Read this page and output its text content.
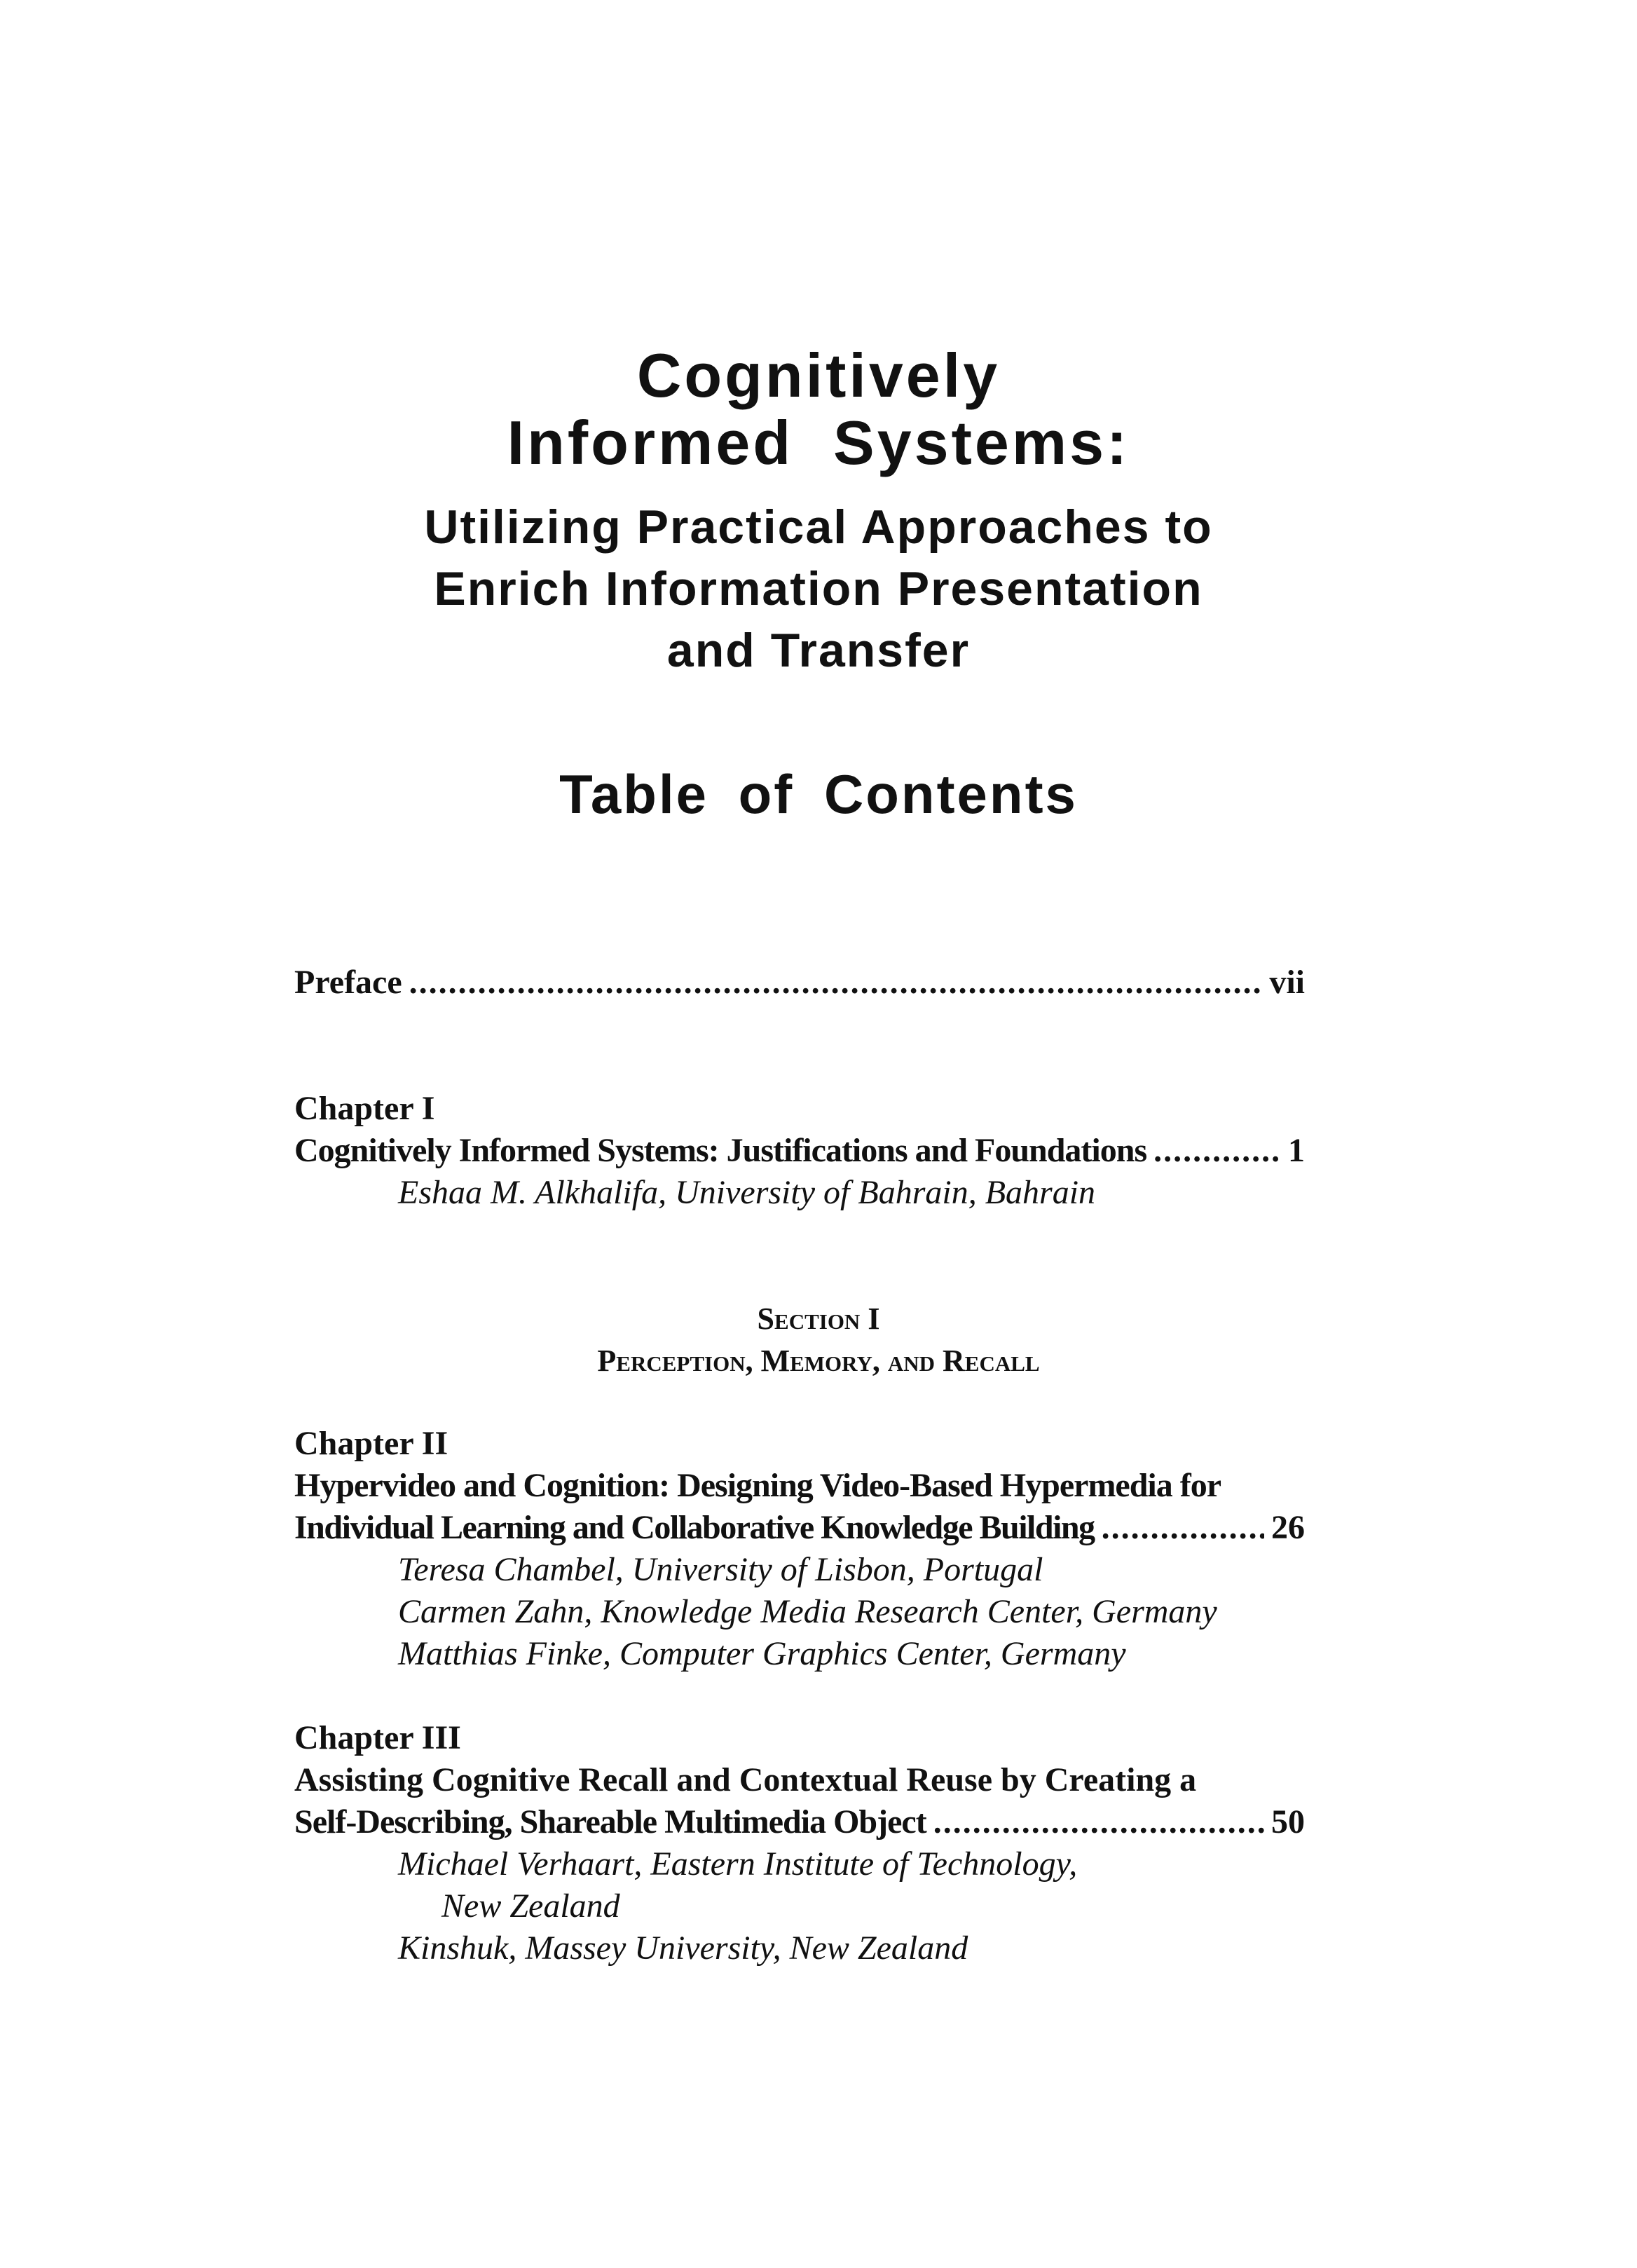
Cognitively
Informed  Systems:
Utilizing Practical Approaches to
Enrich Information Presentation
and Transfer
Table of Contents
Preface .....	vii
Chapter I
Cognitively Informed Systems: Justifications and Foundations .....	1
Eshaa M. Alkhalifa, University of Bahrain, Bahrain
Section I
Perception, Memory, and Recall
Chapter II
Hypervideo and Cognition: Designing Video-Based Hypermedia for
Individual Learning and Collaborative Knowledge Building .....	26
Teresa Chambel, University of Lisbon, Portugal
Carmen Zahn, Knowledge Media Research Center, Germany
Matthias Finke, Computer Graphics Center, Germany
Chapter III
Assisting Cognitive Recall and Contextual Reuse by Creating a
Self-Describing, Shareable Multimedia Object .....	50
Michael Verhaart, Eastern Institute of Technology,
New Zealand
Kinshuk, Massey University, New Zealand
